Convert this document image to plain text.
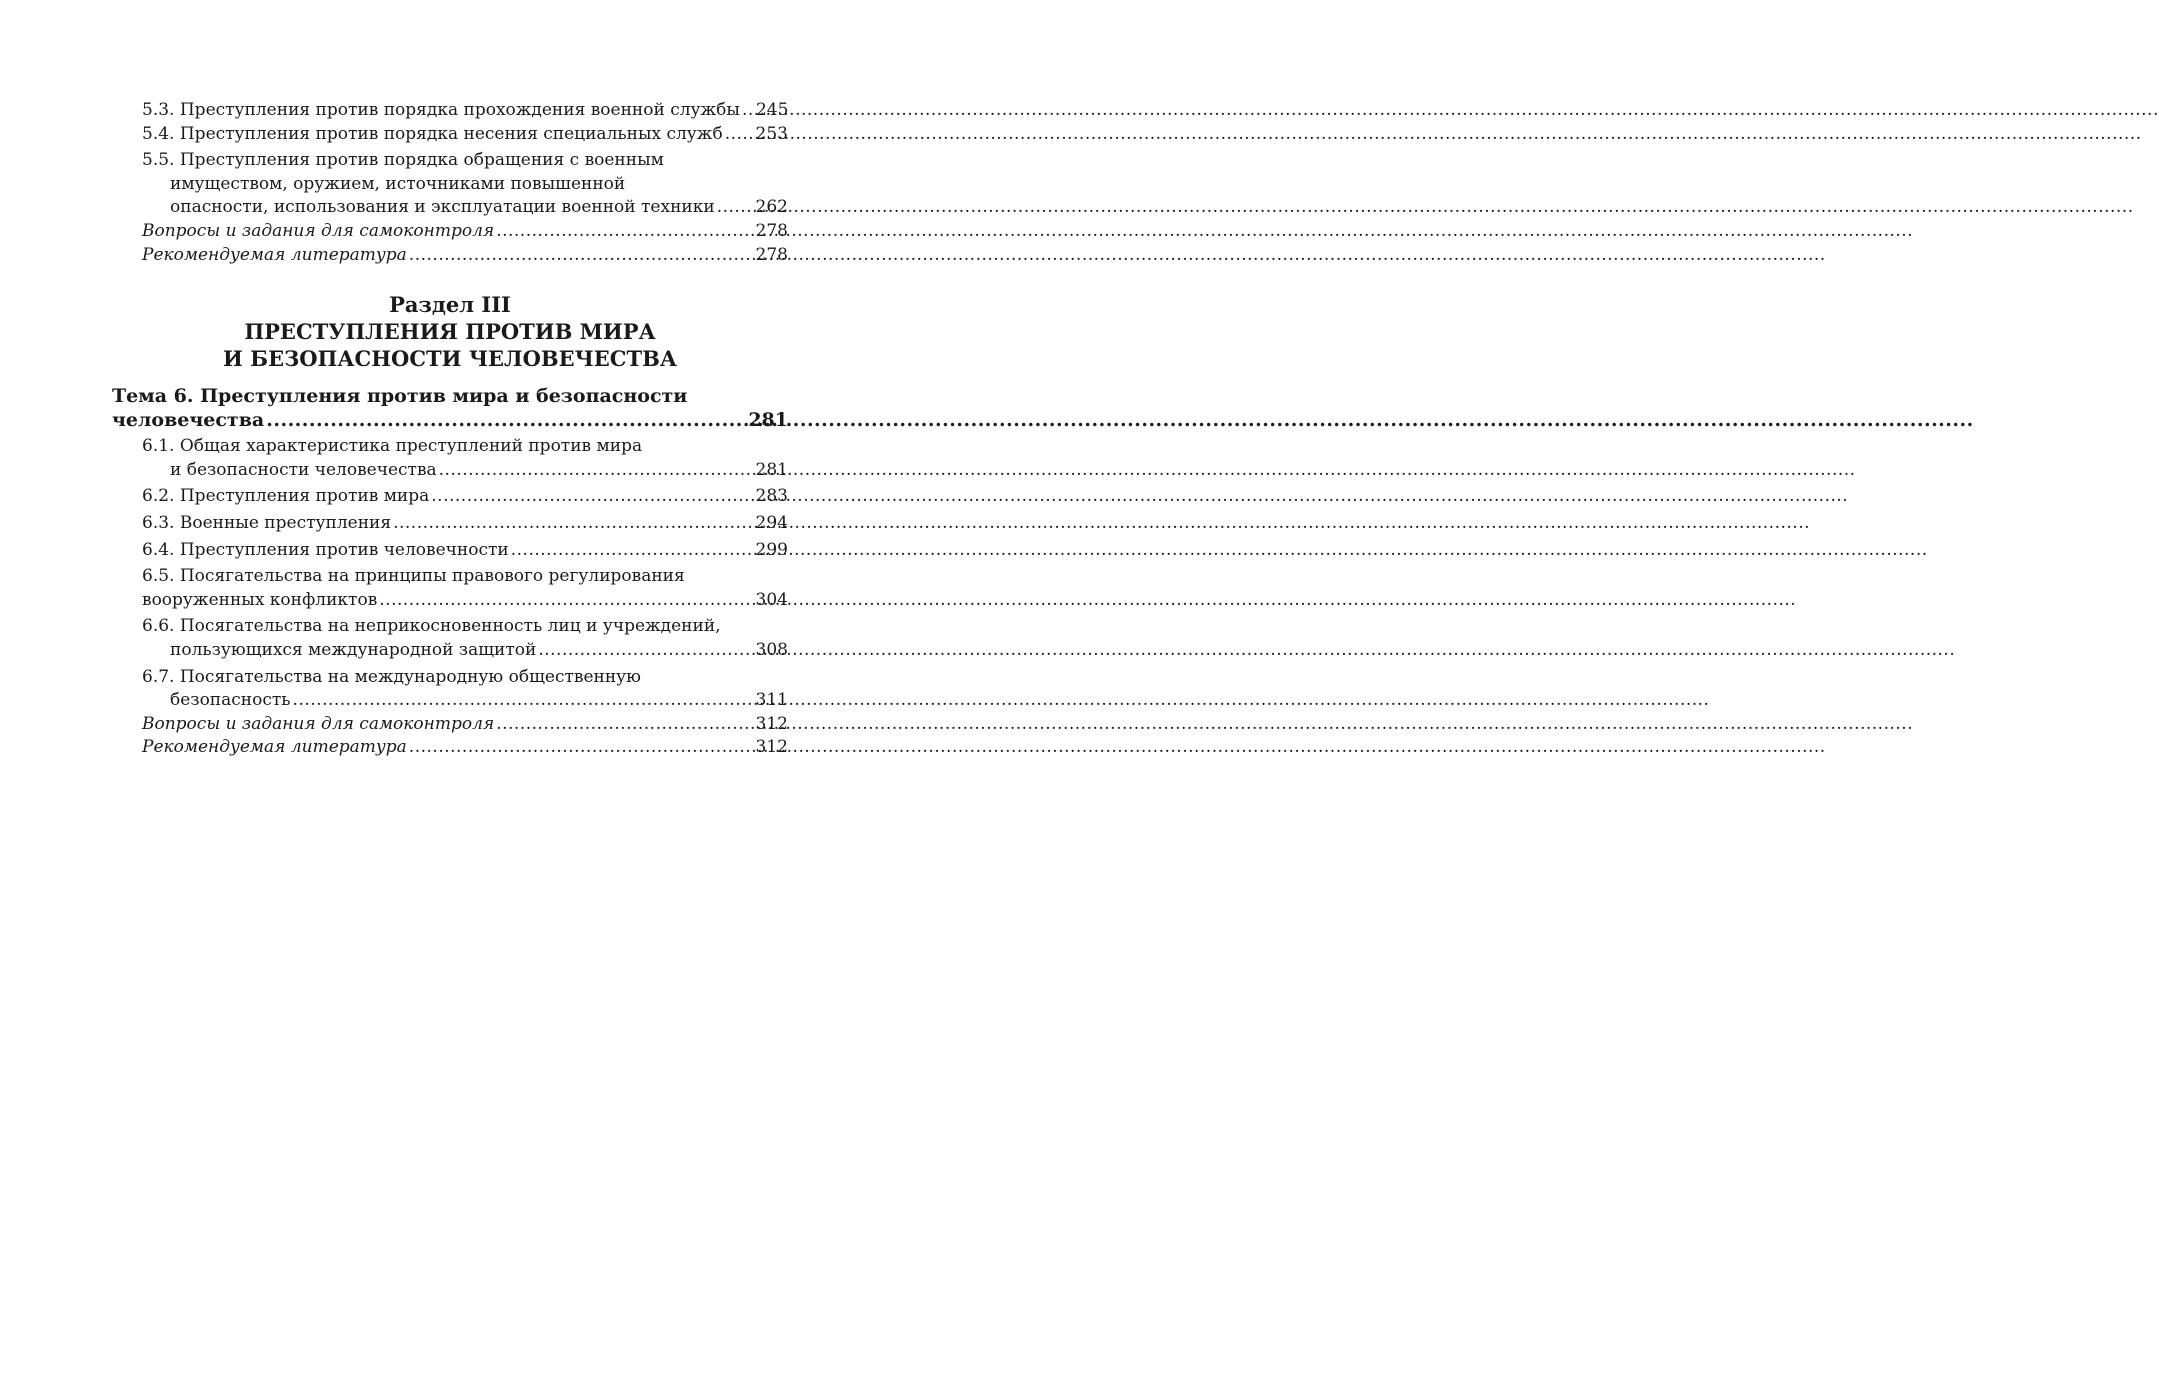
5.3. Преступления против порядка прохождения военной службы ..... 245
5.4. Преступления против порядка несения специальных служб ..... 253
5.5. Преступления против порядка обращения с военным
имуществом, оружием, источниками повышенной
опасности, использования и эксплуатации военной техники ..... 262
Вопросы и задания для самоконтроля .....	278
Рекомендуемая литература .....	278
Раздел III
ПРЕСТУПЛЕНИЯ ПРОТИВ МИРА
И БЕЗОПАСНОСТИ ЧЕЛОВЕЧЕСТВА
Тема 6. Преступления против мира и безопасности
человечества .....	281
6.1. Общая характеристика преступлений против мира
и безопасности человечества .....	281
6.2. Преступления против мира .....	283
6.3. Военные преступления .....	294
6.4. Преступления против человечности .....	299
6.5. Посягательства на принципы правового регулирования
вооруженных конфликтов .....	304
6.6. Посягательства на неприкосновенность лиц и учреждений,
пользующихся международной защитой .....	308
6.7. Посягательства на международную общественную
безопасность .....	311
Вопросы и задания для самоконтроля .....	312
Рекомендуемая литература .....	312
